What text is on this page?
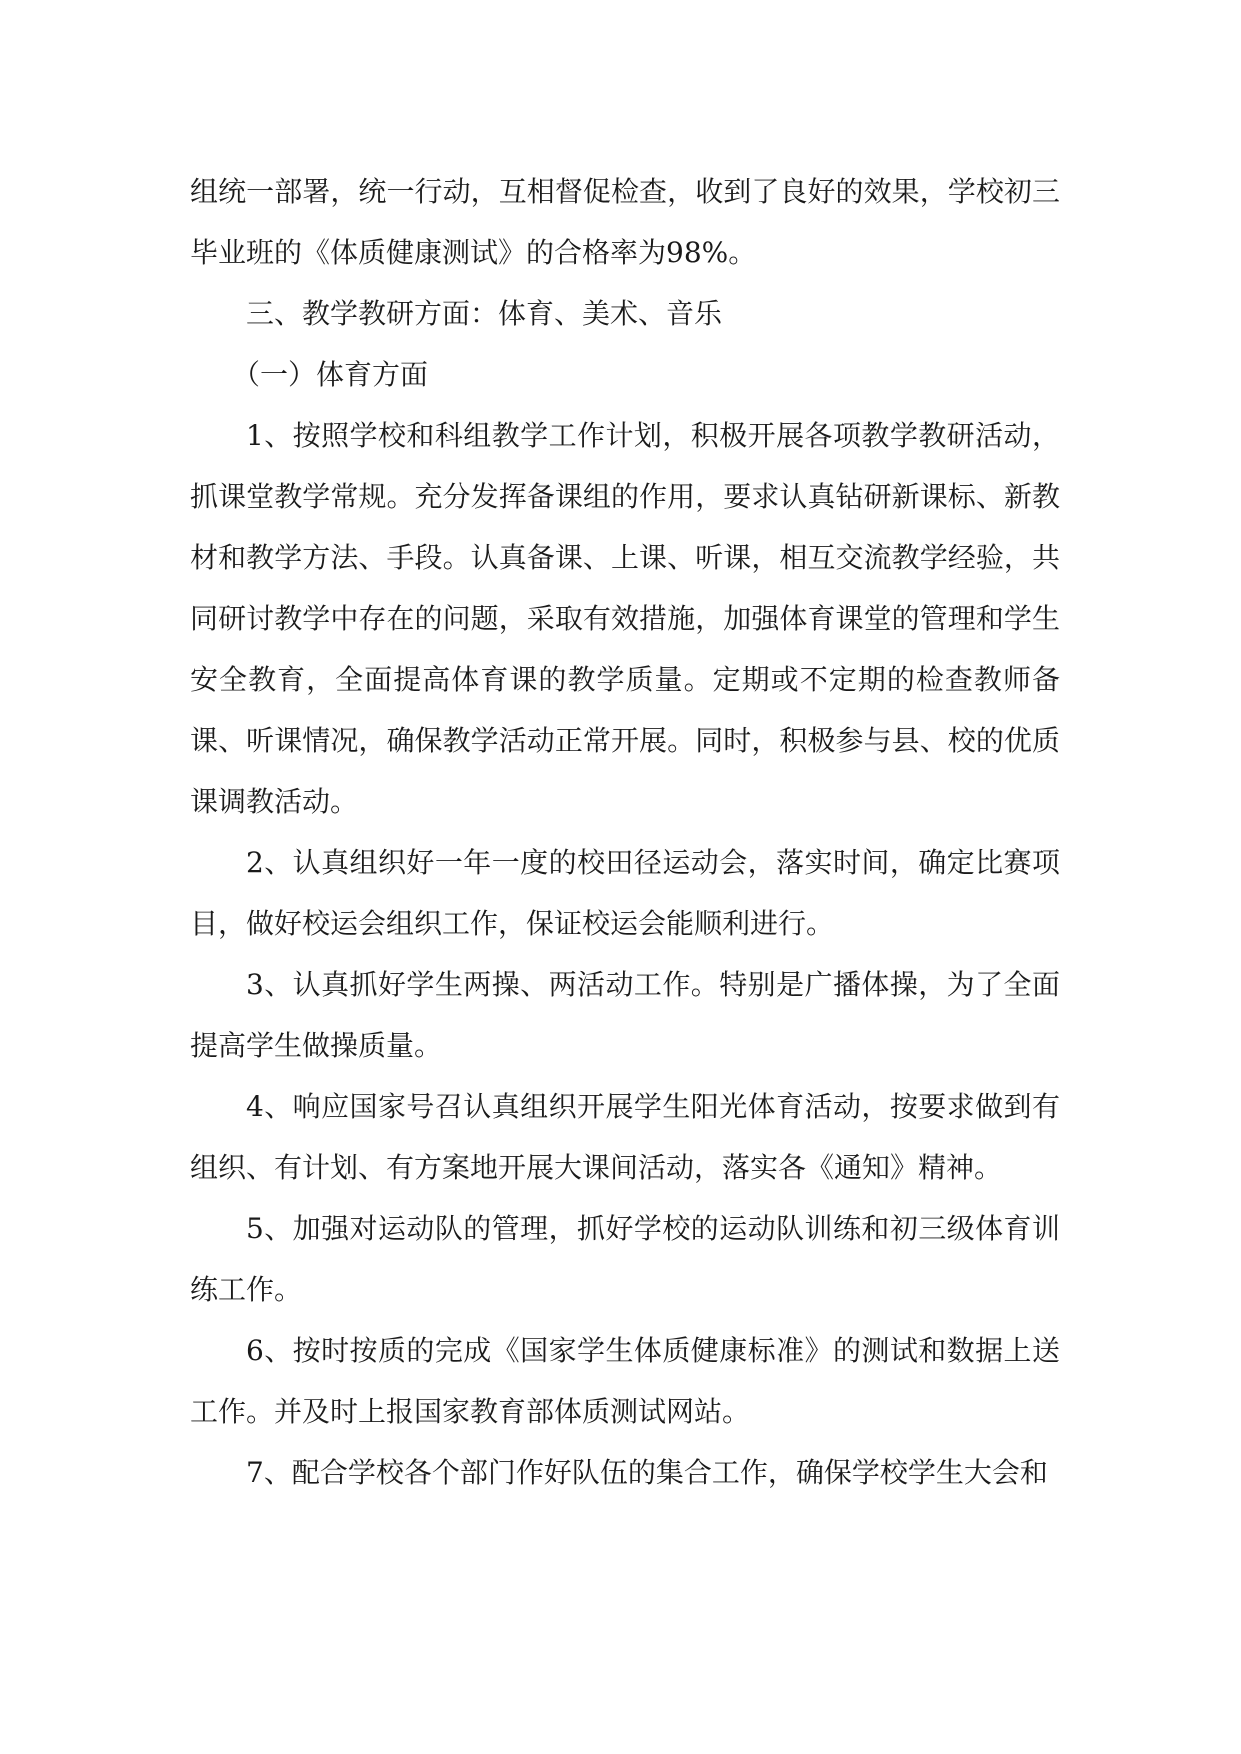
组统一部署，统一行动，互相督促检查，收到了良好的效果，学校初三毕业班的《体质健康测试》的合格率为98%。

三、教学教研方面：体育、美术、音乐

（一）体育方面

1、按照学校和科组教学工作计划，积极开展各项教学教研活动，抓课堂教学常规。充分发挥备课组的作用，要求认真钻研新课标、新教材和教学方法、手段。认真备课、上课、听课，相互交流教学经验，共同研讨教学中存在的问题，采取有效措施，加强体育课堂的管理和学生安全教育，全面提高体育课的教学质量。定期或不定期的检查教师备课、听课情况，确保教学活动正常开展。同时，积极参与县、校的优质课调教活动。

2、认真组织好一年一度的校田径运动会，落实时间，确定比赛项目，做好校运会组织工作，保证校运会能顺利进行。

3、认真抓好学生两操、两活动工作。特别是广播体操，为了全面提高学生做操质量。

4、响应国家号召认真组织开展学生阳光体育活动，按要求做到有组织、有计划、有方案地开展大课间活动，落实各《通知》精神。

5、加强对运动队的管理，抓好学校的运动队训练和初三级体育训练工作。

6、按时按质的完成《国家学生体质健康标准》的测试和数据上送工作。并及时上报国家教育部体质测试网站。

7、配合学校各个部门作好队伍的集合工作，确保学校学生大会和
